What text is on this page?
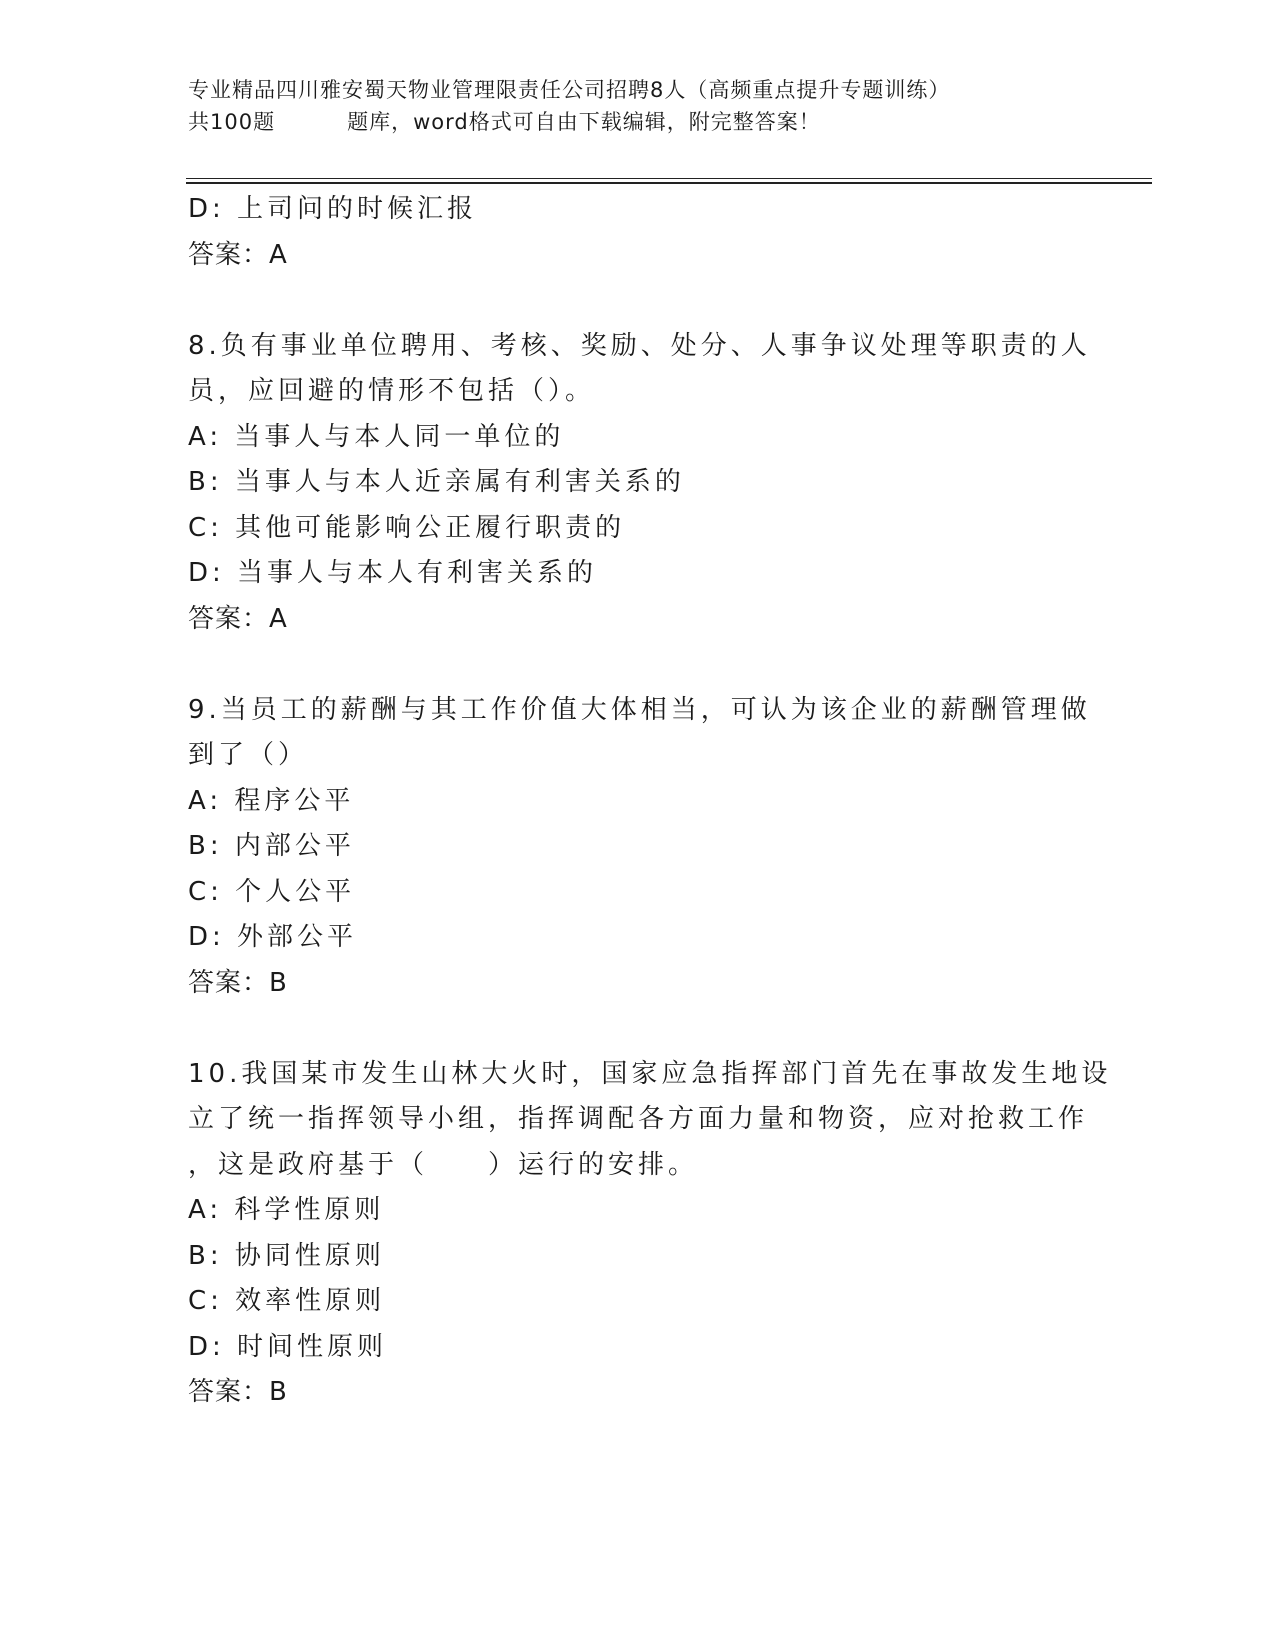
专业精品四川雅安蜀天物业管理限责任公司招聘8人（高频重点提升专题训练）
共100题	题库，word格式可自由下载编辑，附完整答案！
D: 上司问的时候汇报
答案：A
8.负有事业单位聘用、考核、奖励、处分、人事争议处理等职责的人
员，应回避的情形不包括（）。
A: 当事人与本人同一单位的
B: 当事人与本人近亲属有利害关系的
C: 其他可能影响公正履行职责的
D: 当事人与本人有利害关系的
答案：A
9.当员工的薪酬与其工作价值大体相当，可认为该企业的薪酬管理做
到了（）
A: 程序公平
B: 内部公平
C: 个人公平
D: 外部公平
答案：B
10.我国某市发生山林大火时，国家应急指挥部门首先在事故发生地设
立了统一指挥领导小组，指挥调配各方面力量和物资，应对抢救工作
，这是政府基于（　　）运行的安排。
A: 科学性原则
B: 协同性原则
C: 效率性原则
D: 时间性原则
答案：B
